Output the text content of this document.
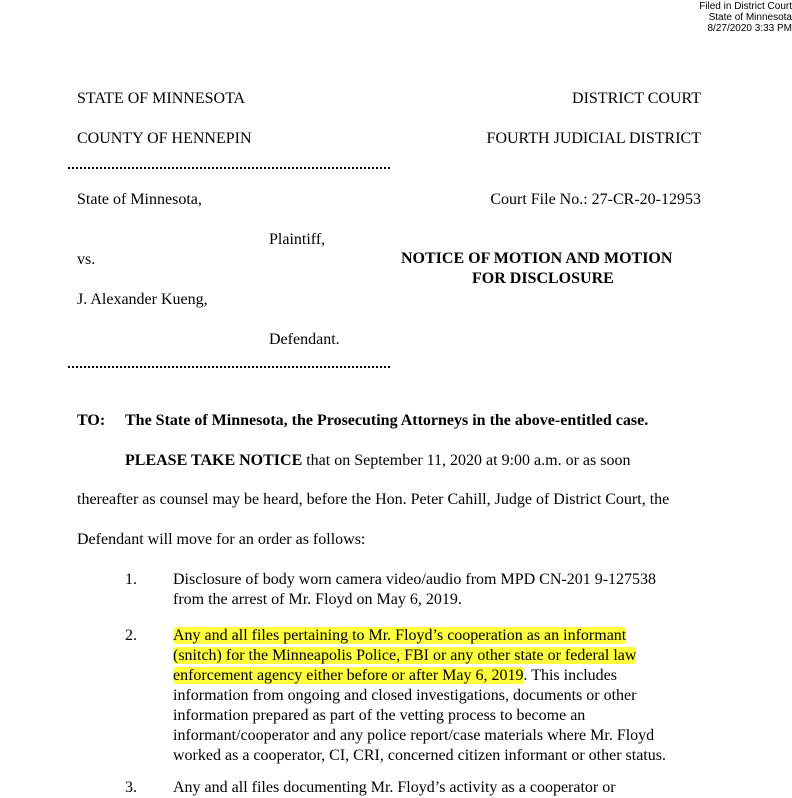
Filed in District Court
State of Minnesota
8/27/2020 3:33 PM
STATE OF MINNESOTA	DISTRICT COURT
COUNTY OF HENNEPIN	FOURTH JUDICIAL DISTRICT
State of Minnesota,	Court File No.: 27-CR-20-12953
Plaintiff,
vs.	NOTICE OF MOTION AND MOTION
FOR DISCLOSURE
J. Alexander Kueng,
Defendant.
TO: The State of Minnesota, the Prosecuting Attorneys in the above-entitled case.
PLEASE TAKE NOTICE that on September 11, 2020 at 9:00 a.m. or as soon
thereafter as counsel may be heard, before the Hon. Peter Cahill, Judge of District Court, the
Defendant will move for an order as follows:
1. Disclosure of body worn camera video/audio from MPD CN-201 9-127538
from the arrest of Mr. Floyd on May 6, 2019.
2. Any and all files pertaining to Mr. Floyd’s cooperation as an informant
(snitch) for the Minneapolis Police, FBI or any other state or federal law
enforcement agency either before or after May 6, 2019. This includes
information from ongoing and closed investigations, documents or other
information prepared as part of the vetting process to become an
informant/cooperator and any police report/case materials where Mr. Floyd
worked as a cooperator, CI, CRI, concerned citizen informant or other status.
3. Any and all files documenting Mr. Floyd’s activity as a cooperator or
